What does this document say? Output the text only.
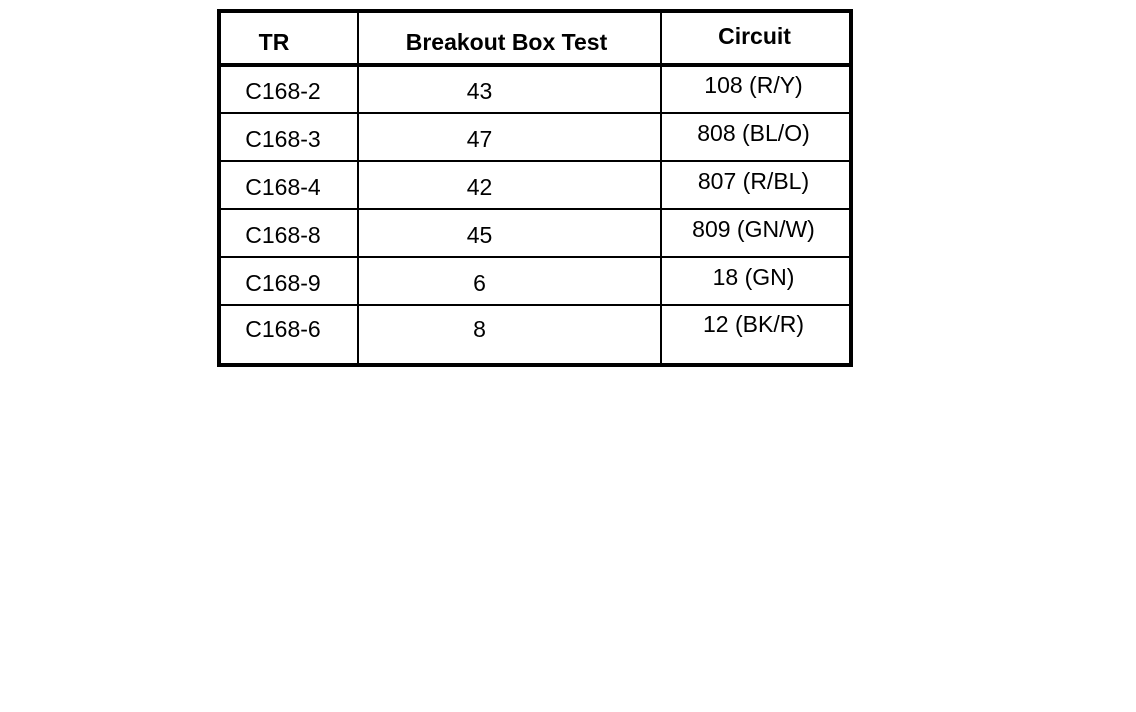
TR	Breakout Box Test	Circuit
C168-2	43	108 (R/Y)
C168-3	47	808 (BL/O)
C168-4	42	807 (R/BL)
C168-8	45	809 (GN/W)
C168-9	6	18 (GN)
C168-6	8	12 (BK/R)
